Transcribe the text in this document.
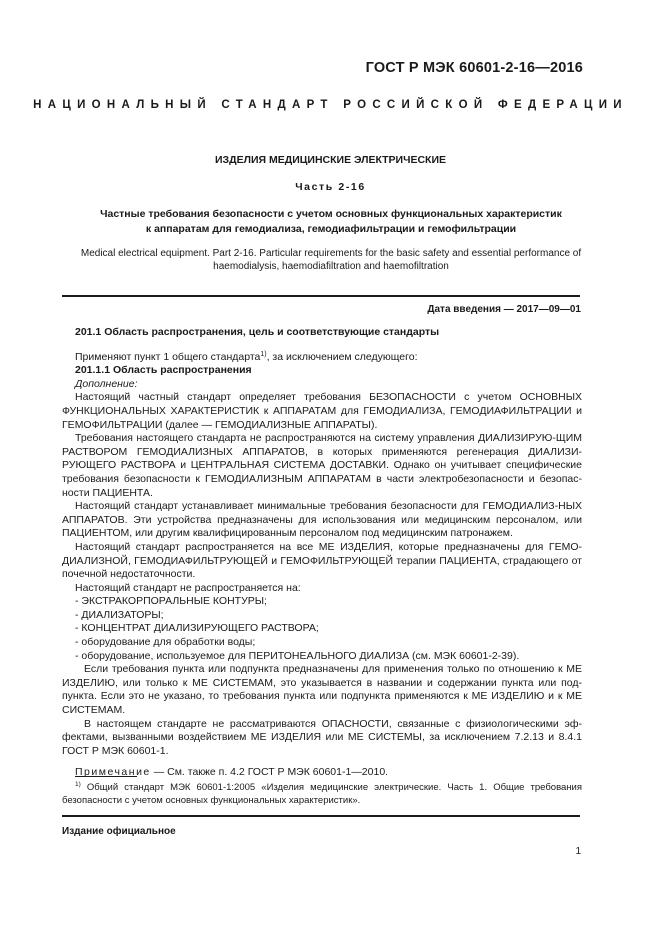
ГОСТ Р МЭК 60601-2-16—2016
НАЦИОНАЛЬНЫЙ СТАНДАРТ РОССИЙСКОЙ ФЕДЕРАЦИИ
ИЗДЕЛИЯ МЕДИЦИНСКИЕ ЭЛЕКТРИЧЕСКИЕ
Часть 2-16
Частные требования безопасности с учетом основных функциональных характеристик
к аппаратам для гемодиализа, гемодиафильтрации и гемофильтрации
Medical electrical equipment. Part 2-16. Particular requirements for the basic safety and essential performance of
haemodialysis, haemodiafiltration and haemofiltration
Дата введения — 2017—09—01

201.1 Область распространения, цель и соответствующие стандарты

Применяют пункт 1 общего стандарта$^{1)}$, за исключением следующего:

201.1.1 Область распространения

Дополнение:

Настоящий частный стандарт определяет требования БЕЗОПАСНОСТИ с учетом ОСНОВНЫХ ФУНКЦИОНАЛЬНЫХ ХАРАКТЕРИСТИК к АППАРАТАМ для ГЕМОДИАЛИЗА, ГЕМОДИАФИЛЬТРАЦИИ и ГЕМОФИЛЬТРАЦИИ (далее — ГЕМОДИАЛИЗНЫЕ АППАРАТЫ).

Требования настоящего стандарта не распространяются на систему управления ДИАЛИЗИРУЮ-ЩИМ РАСТВОРОМ ГЕМОДИАЛИЗНЫХ АППАРАТОВ, в которых применяются регенерация ДИАЛИЗИ-РУЮЩЕГО РАСТВОРА и ЦЕНТРАЛЬНАЯ СИСТЕМА ДОСТАВКИ. Однако он учитывает специфические требования безопасности к ГЕМОДИАЛИЗНЫМ АППАРАТАМ в части электробезопасности и безопас-ности ПАЦИЕНТА.

Настоящий стандарт устанавливает минимальные требования безопасности для ГЕМОДИАЛИЗ-НЫХ АППАРАТОВ. Эти устройства предназначены для использования или медицинским персоналом, или ПАЦИЕНТОМ, или другим квалифицированным персоналом под медицинским патронажем.

Настоящий стандарт распространяется на все МЕ ИЗДЕЛИЯ, которые предназначены для ГЕМО-ДИАЛИЗНОЙ, ГЕМОДИАФИЛЬТРУЮЩЕЙ и ГЕМОФИЛЬТРУЮЩЕЙ терапии ПАЦИЕНТА, страдающего от почечной недостаточности.

Настоящий стандарт не распространяется на:

- ЭКСТРАКОРПОРАЛЬНЫЕ КОНТУРЫ;

- ДИАЛИЗАТОРЫ;

- КОНЦЕНТРАТ ДИАЛИЗИРУЮЩЕГО РАСТВОРА;

- оборудование для обработки воды;

- оборудование, используемое для ПЕРИТОНЕАЛЬНОГО ДИАЛИЗА (см. МЭК 60601-2-39).

Если требования пункта или подпункта предназначены для применения только по отношению к МЕ ИЗДЕЛИЮ, или только к МЕ СИСТЕМАМ, это указывается в названии и содержании пункта или под-пункта. Если это не указано, то требования пункта или подпункта применяются к МЕ ИЗДЕЛИЮ и к МЕ СИСТЕМАМ.

В настоящем стандарте не рассматриваются ОПАСНОСТИ, связанные с физиологическими эф-фектами, вызванными воздействием МЕ ИЗДЕЛИЯ или МЕ СИСТЕМЫ, за исключением 7.2.13 и 8.4.1 ГОСТ Р МЭК 60601-1.

Примечание — См. также п. 4.2 ГОСТ Р МЭК 60601-1—2010.

$^{1)}$ Общий стандарт МЭК 60601-1:2005 «Изделия медицинские электрические. Часть 1. Общие требования безопасности с учетом основных функциональных характеристик».
Издание официальное
1
